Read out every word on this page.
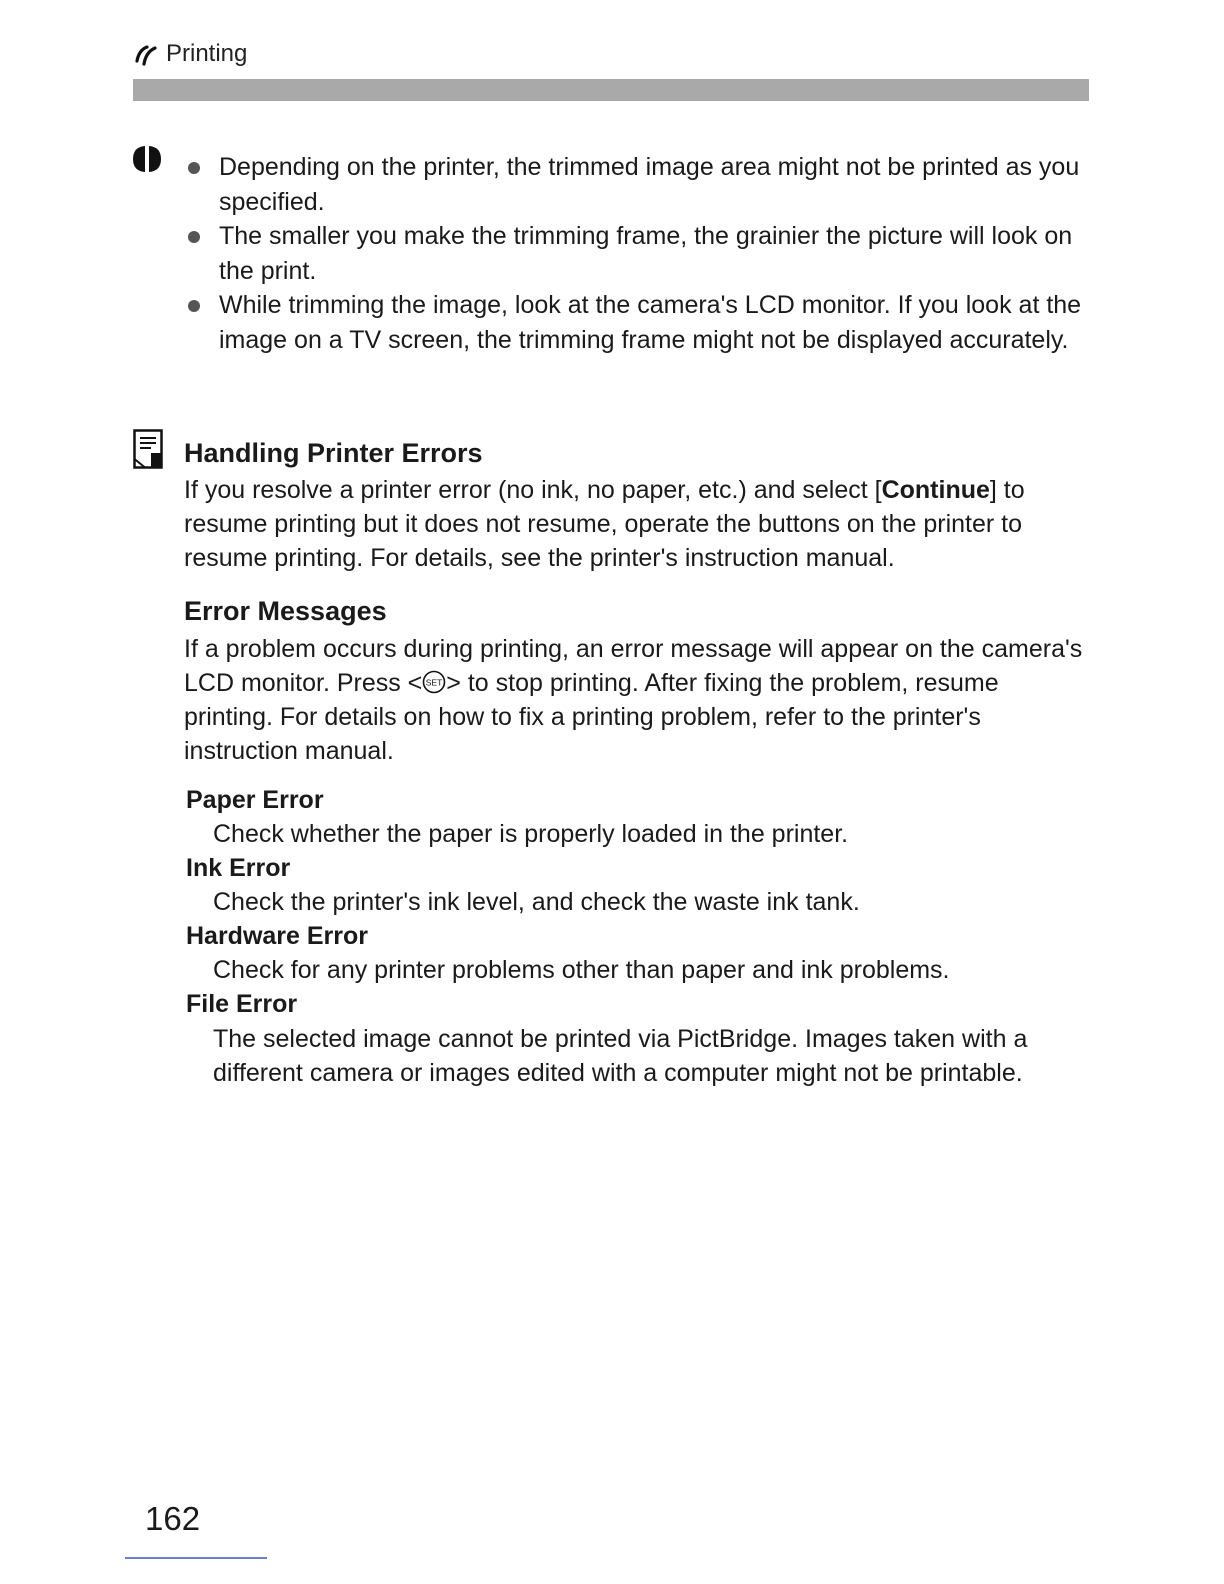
Printing
Depending on the printer, the trimmed image area might not be printed as you specified.
The smaller you make the trimming frame, the grainier the picture will look on the print.
While trimming the image, look at the camera's LCD monitor. If you look at the image on a TV screen, the trimming frame might not be displayed accurately.
Handling Printer Errors

If you resolve a printer error (no ink, no paper, etc.) and select [Continue] to resume printing but it does not resume, operate the buttons on the printer to resume printing. For details, see the printer's instruction manual.

Error Messages

If a problem occurs during printing, an error message will appear on the camera's LCD monitor. Press < SET > to stop printing. After fixing the problem, resume printing. For details on how to fix a printing problem, refer to the printer's instruction manual.

Paper Error

Check whether the paper is properly loaded in the printer.

Ink Error

Check the printer's ink level, and check the waste ink tank.

Hardware Error

Check for any printer problems other than paper and ink problems.

File Error

The selected image cannot be printed via PictBridge. Images taken with a different camera or images edited with a computer might not be printable.

162
